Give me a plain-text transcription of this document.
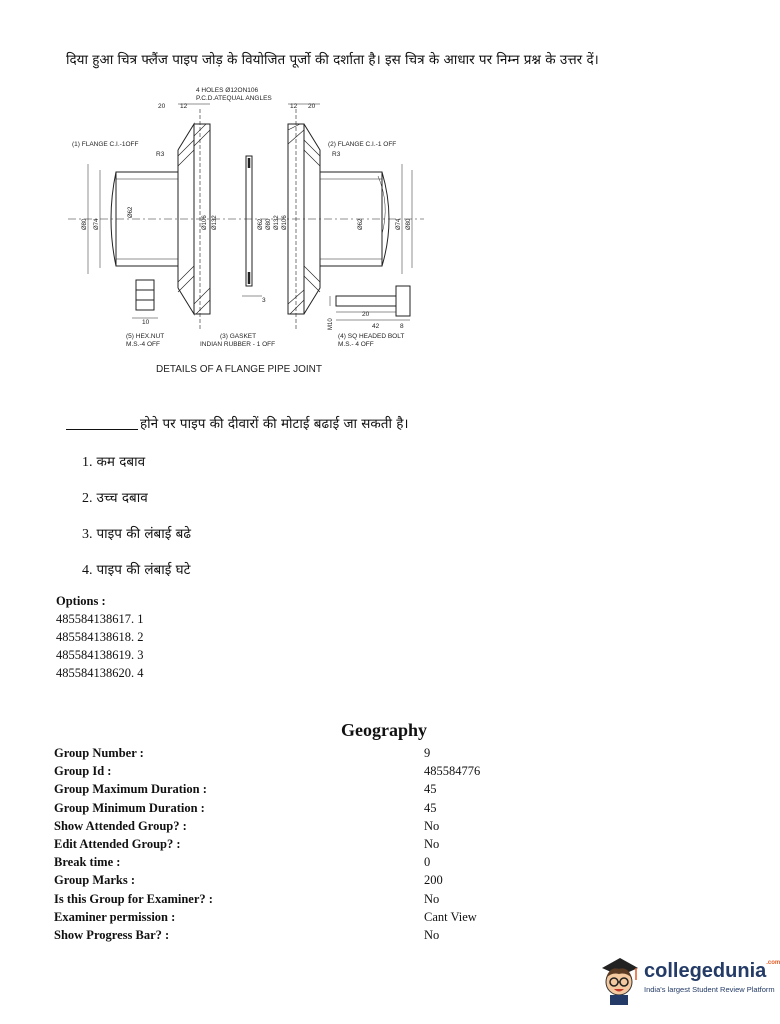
दिया हुआ चित्र फ्लैंज पाइप जोड़ के वियोजित पूर्जो की दर्शाता है। इस चित्र के आधार पर निम्न प्रश्न के उत्तर दें।
4 HOLES Ø12ON106
P.C.D.ATEQUAL ANGLES
20 12	12 20
(1) FLANGE C.I.-1OFF	(2) FLANGE C.I.-1 OFF
R3	R3
3
10
20
42	8
(5) HEX.NUT
M.S.-4 OFF
(3) GASKET
INDIAN RUBBER - 1 OFF
(4) SQ HEADED BOLT
M.S.- 4 OFF
Ø80 Ø74
Ø62
Ø106 Ø132	Ø62 Ø80 Ø132 Ø106	Ø62	Ø74 Ø80
M10
DETAILS OF A FLANGE PIPE JOINT
होने पर पाइप की दीवारों की मोटाई बढाई जा सकती है।
1. कम दबाव
2. उच्च दबाव
3. पाइप की लंबाई बढे
4. पाइप की लंबाई घटे
Options :
485584138617. 1
485584138618. 2
485584138619. 3
485584138620. 4
Geography
Group Number :	9
Group Id :	485584776
Group Maximum Duration :	45
Group Minimum Duration :	45
Show Attended Group? :	No
Edit Attended Group? :	No
Break time :	0
Group Marks :	200
Is this Group for Examiner? :	No
Examiner permission :	Cant View
Show Progress Bar? :	No
collegedunia$^{.com}$
India's largest Student Review Platform
